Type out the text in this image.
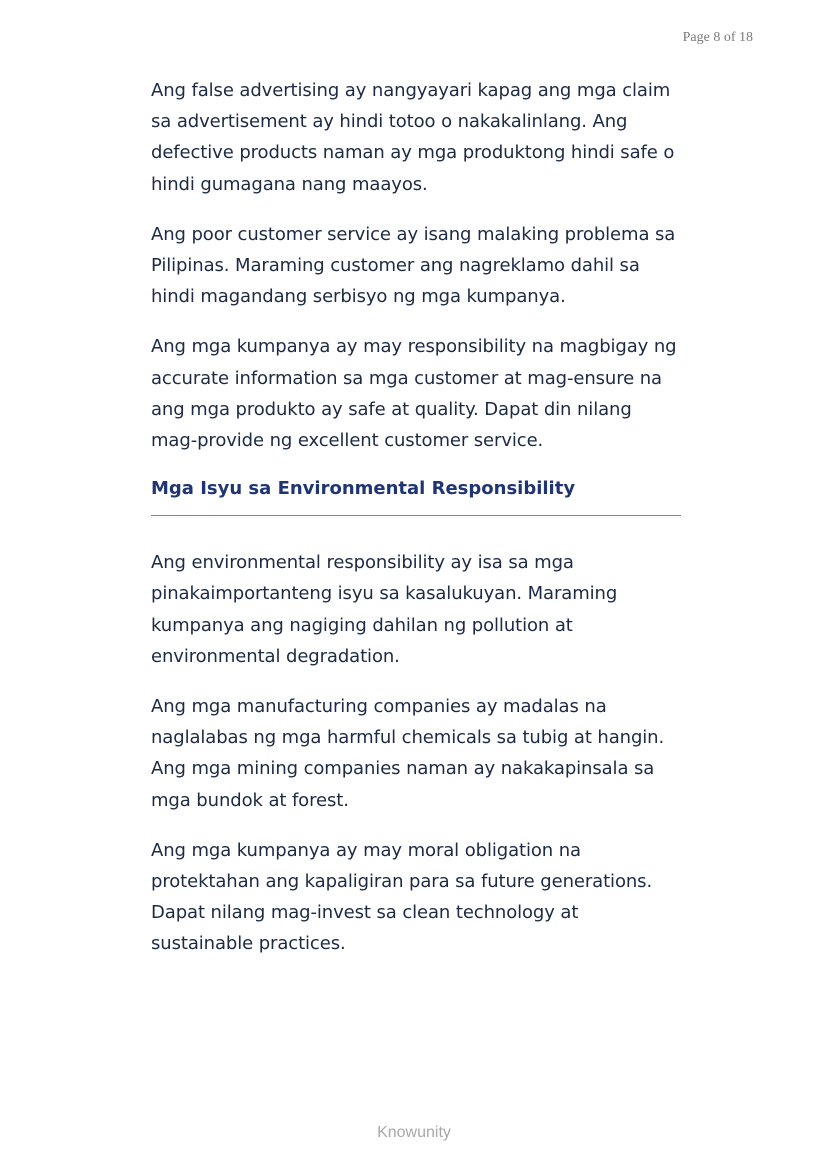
Page 8 of 18

Ang false advertising ay nangyayari kapag ang mga claim sa advertisement ay hindi totoo o nakakalinlang. Ang defective products naman ay mga produktong hindi safe o hindi gumagana nang maayos.

Ang poor customer service ay isang malaking problema sa Pilipinas. Maraming customer ang nagreklamo dahil sa hindi magandang serbisyo ng mga kumpanya.

Ang mga kumpanya ay may responsibility na magbigay ng accurate information sa mga customer at mag-ensure na ang mga produkto ay safe at quality. Dapat din nilang mag-provide ng excellent customer service.

Mga Isyu sa Environmental Responsibility

Ang environmental responsibility ay isa sa mga pinakaimportanteng isyu sa kasalukuyan. Maraming kumpanya ang nagiging dahilan ng pollution at environmental degradation.

Ang mga manufacturing companies ay madalas na naglalabas ng mga harmful chemicals sa tubig at hangin. Ang mga mining companies naman ay nakakapinsala sa mga bundok at forest.

Ang mga kumpanya ay may moral obligation na protektahan ang kapaligiran para sa future generations. Dapat nilang mag-invest sa clean technology at sustainable practices.

Knowunity
